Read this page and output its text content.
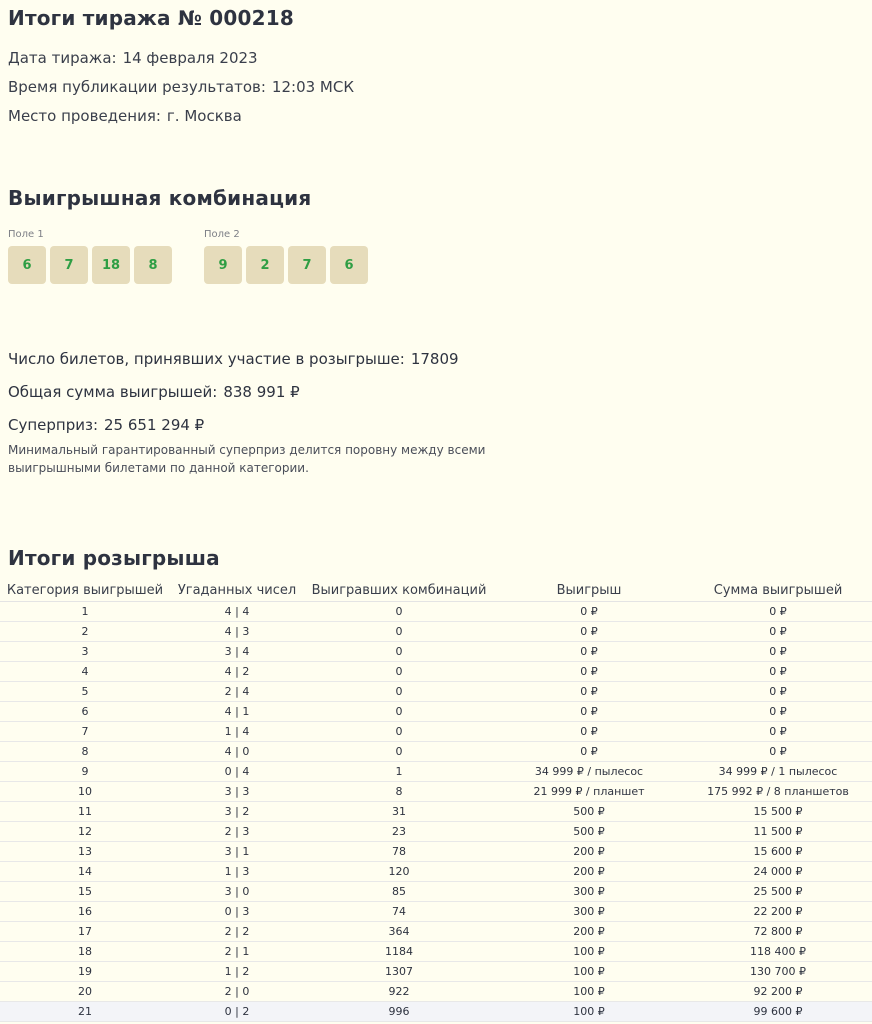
Итоги тиража № 000218
Дата тиража: 14 февраля 2023
Время публикации результатов: 12:03 МСК
Место проведения: г. Москва
Выигрышная комбинация
Поле 1
6	7	18	8
Поле 2
9	2	7	6
Число билетов, принявших участие в розыгрыше: 17809
Общая сумма выигрышей: 838 991 ₽
Суперприз: 25 651 294 ₽

Минимальный гарантированный суперприз делится поровну между всеми выигрышными билетами по данной категории.

Итоги розыгрыша
Категория выигрышей	Угаданных чисел	Выигравших комбинаций	Выигрыш	Сумма выигрышей
1	4 | 4	0	0 ₽	0 ₽
2	4 | 3	0	0 ₽	0 ₽
3	3 | 4	0	0 ₽	0 ₽
4	4 | 2	0	0 ₽	0 ₽
5	2 | 4	0	0 ₽	0 ₽
6	4 | 1	0	0 ₽	0 ₽
7	1 | 4	0	0 ₽	0 ₽
8	4 | 0	0	0 ₽	0 ₽
9	0 | 4	1	34 999 ₽ / пылесос	34 999 ₽ / 1 пылесос
10	3 | 3	8	21 999 ₽ / планшет	175 992 ₽ / 8 планшетов
11	3 | 2	31	500 ₽	15 500 ₽
12	2 | 3	23	500 ₽	11 500 ₽
13	3 | 1	78	200 ₽	15 600 ₽
14	1 | 3	120	200 ₽	24 000 ₽
15	3 | 0	85	300 ₽	25 500 ₽
16	0 | 3	74	300 ₽	22 200 ₽
17	2 | 2	364	200 ₽	72 800 ₽
18	2 | 1	1184	100 ₽	118 400 ₽
19	1 | 2	1307	100 ₽	130 700 ₽
20	2 | 0	922	100 ₽	92 200 ₽
21	0 | 2	996	100 ₽	99 600 ₽
